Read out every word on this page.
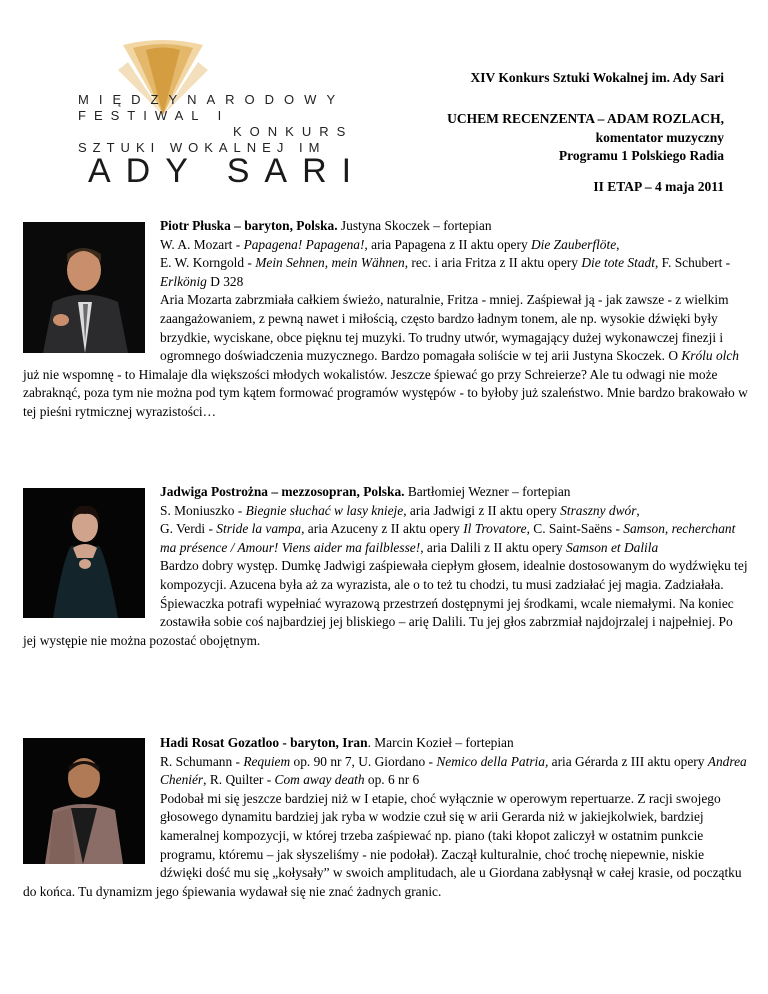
MIĘDZYNARODOWY
FESTIWAL I
KONKURS
SZTUKI WOKALNEJ IM
ADY SARI
XIV Konkurs Sztuki Wokalnej im. Ady Sari
UCHEM RECENZENTA – ADAM ROZLACH,
komentator muzyczny
Programu 1 Polskiego Radia
II ETAP – 4 maja 2011

Piotr Płuska – baryton, Polska. Justyna Skoczek – fortepian

W. A. Mozart - Papagena! Papagena!, aria Papagena z II aktu opery Die Zauberflöte,
E. W. Korngold - Mein Sehnen, mein Wähnen, rec. i aria Fritza z II aktu opery Die tote Stadt, F. Schubert - Erlkönig D 328

Aria Mozarta zabrzmiała całkiem świeżo, naturalnie, Fritza - mniej. Zaśpiewał ją - jak zawsze - z wielkim zaangażowaniem, z pewną nawet i miłością, często bardzo ładnym tonem, ale np. wysokie dźwięki były brzydkie, wyciskane, obce pięknu tej muzyki. To trudny utwór, wymagający dużej wykonawczej finezji i ogromnego doświadczenia muzycznego. Bardzo pomagała soliście w tej arii Justyna Skoczek. O Królu olch już nie wspomnę - to Himalaje dla większości młodych wokalistów. Jeszcze śpiewać go przy Schreierze? Ale tu odwagi nie może zabraknąć, poza tym nie można pod tym kątem formować programów występów - to byłoby już szaleństwo. Mnie bardzo brakowało w tej pieśni rytmicznej wyrazistości…

Jadwiga Postrożna – mezzosopran, Polska. Bartłomiej Wezner – fortepian

S. Moniuszko - Biegnie słuchać w lasy knieje, aria Jadwigi z II aktu opery Straszny dwór,
G. Verdi - Stride la vampa, aria Azuceny z II aktu opery Il Trovatore, C. Saint-Saëns - Samson, recherchant ma présence / Amour! Viens aider ma failblesse!, aria Dalili z II aktu opery Samson et Dalila

Bardzo dobry występ. Dumkę Jadwigi zaśpiewała ciepłym głosem, idealnie dostosowanym do wydźwięku tej kompozycji. Azucena była aż za wyrazista, ale o to też tu chodzi, tu musi zadziałać jej magia. Zadziałała. Śpiewaczka potrafi wypełniać wyrazową przestrzeń dostępnymi jej środkami, wcale niemałymi. Na koniec zostawiła sobie coś najbardziej jej bliskiego – arię Dalili. Tu jej głos zabrzmiał najdojrzalej i najpełniej. Po jej występie nie można pozostać obojętnym.

Hadi Rosat Gozatloo - baryton, Iran. Marcin Kozieł – fortepian

R. Schumann - Requiem op. 90 nr 7, U. Giordano - Nemico della Patria, aria Gérarda z III aktu opery Andrea Cheniér, R. Quilter - Com away death op. 6 nr 6

Podobał mi się jeszcze bardziej niż w I etapie, choć wyłącznie w operowym repertuarze. Z racji swojego głosowego dynamitu bardziej jak ryba w wodzie czuł się w arii Gerarda niż w jakiejkolwiek, bardziej kameralnej kompozycji, w której trzeba zaśpiewać np. piano (taki kłopot zaliczył w ostatnim punkcie programu, któremu – jak słyszeliśmy - nie podołał). Zaczął kulturalnie, choć trochę niepewnie, niskie dźwięki dość mu się „kołysały” w swoich amplitudach, ale u Giordana zabłysnął w całej krasie, od początku do końca. Tu dynamizm jego śpiewania wydawał się nie znać żadnych granic.
